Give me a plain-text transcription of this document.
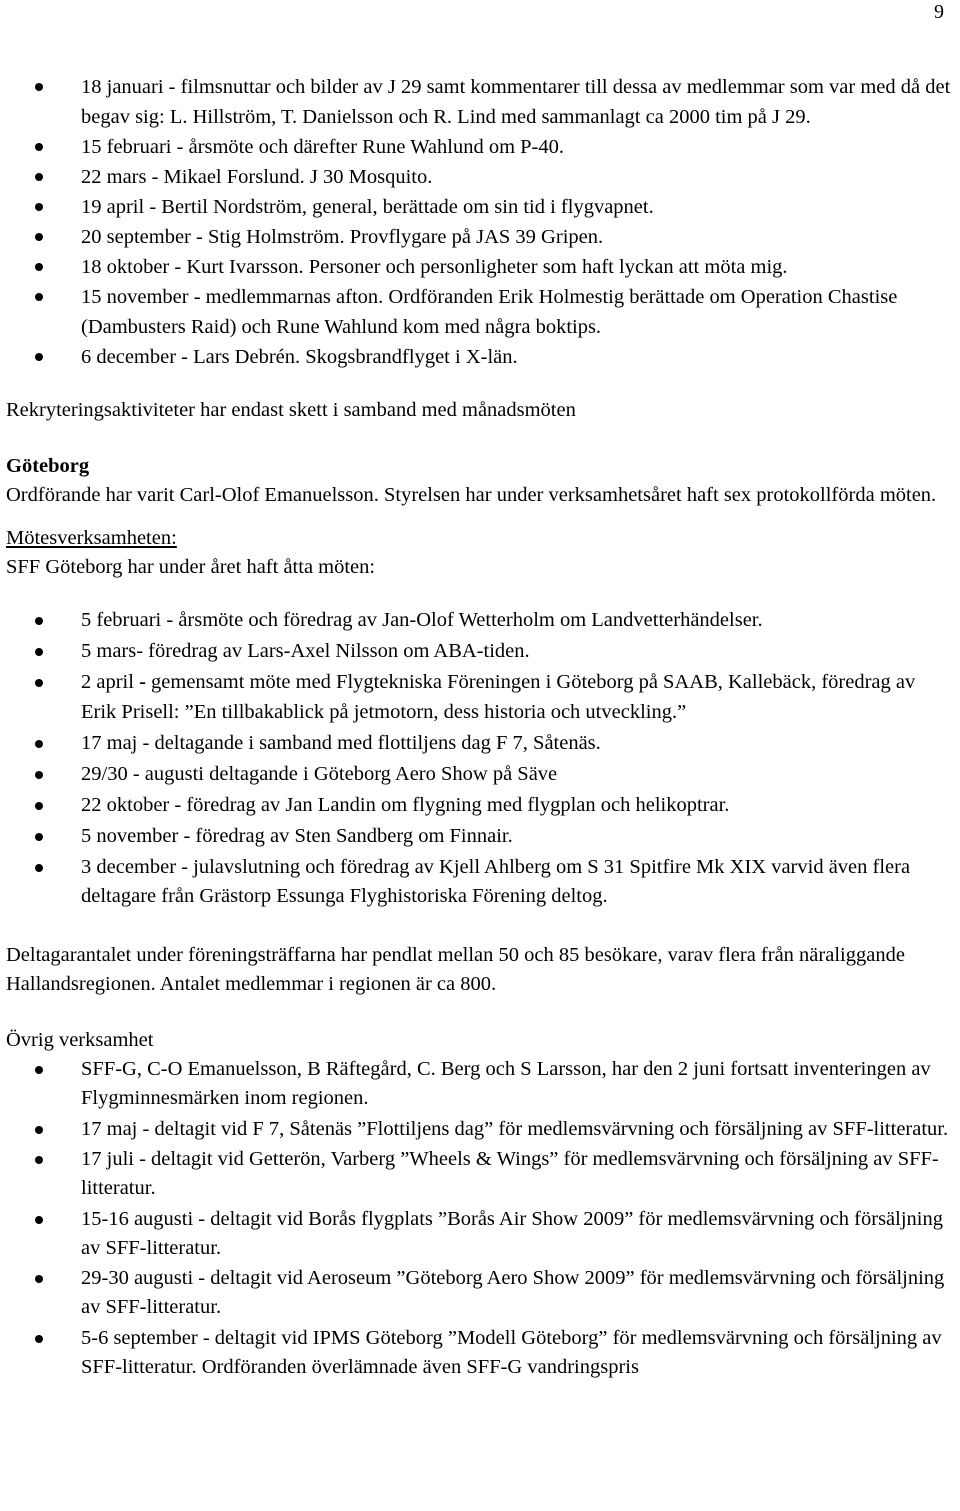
9
18 januari - filmsnuttar och bilder av J 29 samt kommentarer till dessa av medlemmar som var med då det begav sig: L. Hillström, T. Danielsson och R. Lind med sammanlagt ca 2000 tim på J 29.
15 februari - årsmöte och därefter Rune Wahlund om P-40.
22 mars - Mikael Forslund. J 30 Mosquito.
19 april - Bertil Nordström, general, berättade om sin tid i flygvapnet.
20 september - Stig Holmström. Provflygare på JAS 39 Gripen.
18 oktober - Kurt Ivarsson. Personer och personligheter som haft lyckan att möta mig.
15 november - medlemmarnas afton. Ordföranden Erik Holmestig berättade om Operation Chastise (Dambusters Raid) och Rune Wahlund kom med några boktips.
6 december - Lars Debrén. Skogsbrandflyget i X-län.

Rekryteringsaktiviteter har endast skett i samband med månadsmöten

Göteborg

Ordförande har varit Carl-Olof Emanuelsson. Styrelsen har under verksamhetsåret haft sex protokollförda möten.

Mötesverksamheten:

SFF Göteborg har under året haft åtta möten:

5 februari - årsmöte och föredrag av Jan-Olof Wetterholm om Landvetterhändelser.
5 mars- föredrag av Lars-Axel Nilsson om ABA-tiden.
2 april - gemensamt möte med Flygtekniska Föreningen i Göteborg på SAAB, Kallebäck, föredrag av Erik Prisell: ”En tillbakablick på jetmotorn, dess historia och utveckling.”
17 maj - deltagande i samband med flottiljens dag F 7, Såtenäs.
29/30 - augusti deltagande i Göteborg Aero Show på Säve
22 oktober - föredrag av Jan Landin om flygning med flygplan och helikoptrar.
5 november - föredrag av Sten Sandberg om Finnair.
3 december - julavslutning och föredrag av Kjell Ahlberg om S 31 Spitfire Mk XIX varvid även flera deltagare från Grästorp Essunga Flyghistoriska Förening deltog.

Deltagarantalet under föreningsträffarna har pendlat mellan 50 och 85 besökare, varav flera från näraliggande Hallandsregionen. Antalet medlemmar i regionen är ca 800.

Övrig verksamhet

SFF-G, C-O Emanuelsson, B Räftegård, C. Berg och S Larsson, har den 2 juni fortsatt inventeringen av Flygminnesmärken inom regionen.
17 maj - deltagit vid F 7, Såtenäs ”Flottiljens dag” för medlemsvärvning och försäljning av SFF-litteratur.
17 juli - deltagit vid Getterön, Varberg ”Wheels & Wings” för medlemsvärvning och försäljning av SFF-litteratur.
15-16 augusti - deltagit vid Borås flygplats ”Borås Air Show 2009” för medlemsvärvning och försäljning av SFF-litteratur.
29-30 augusti - deltagit vid Aeroseum ”Göteborg Aero Show 2009” för medlemsvärvning och försäljning av SFF-litteratur.
5-6 september - deltagit vid IPMS Göteborg ”Modell Göteborg” för medlemsvärvning och försäljning av SFF-litteratur. Ordföranden överlämnade även SFF-G vandringspris
